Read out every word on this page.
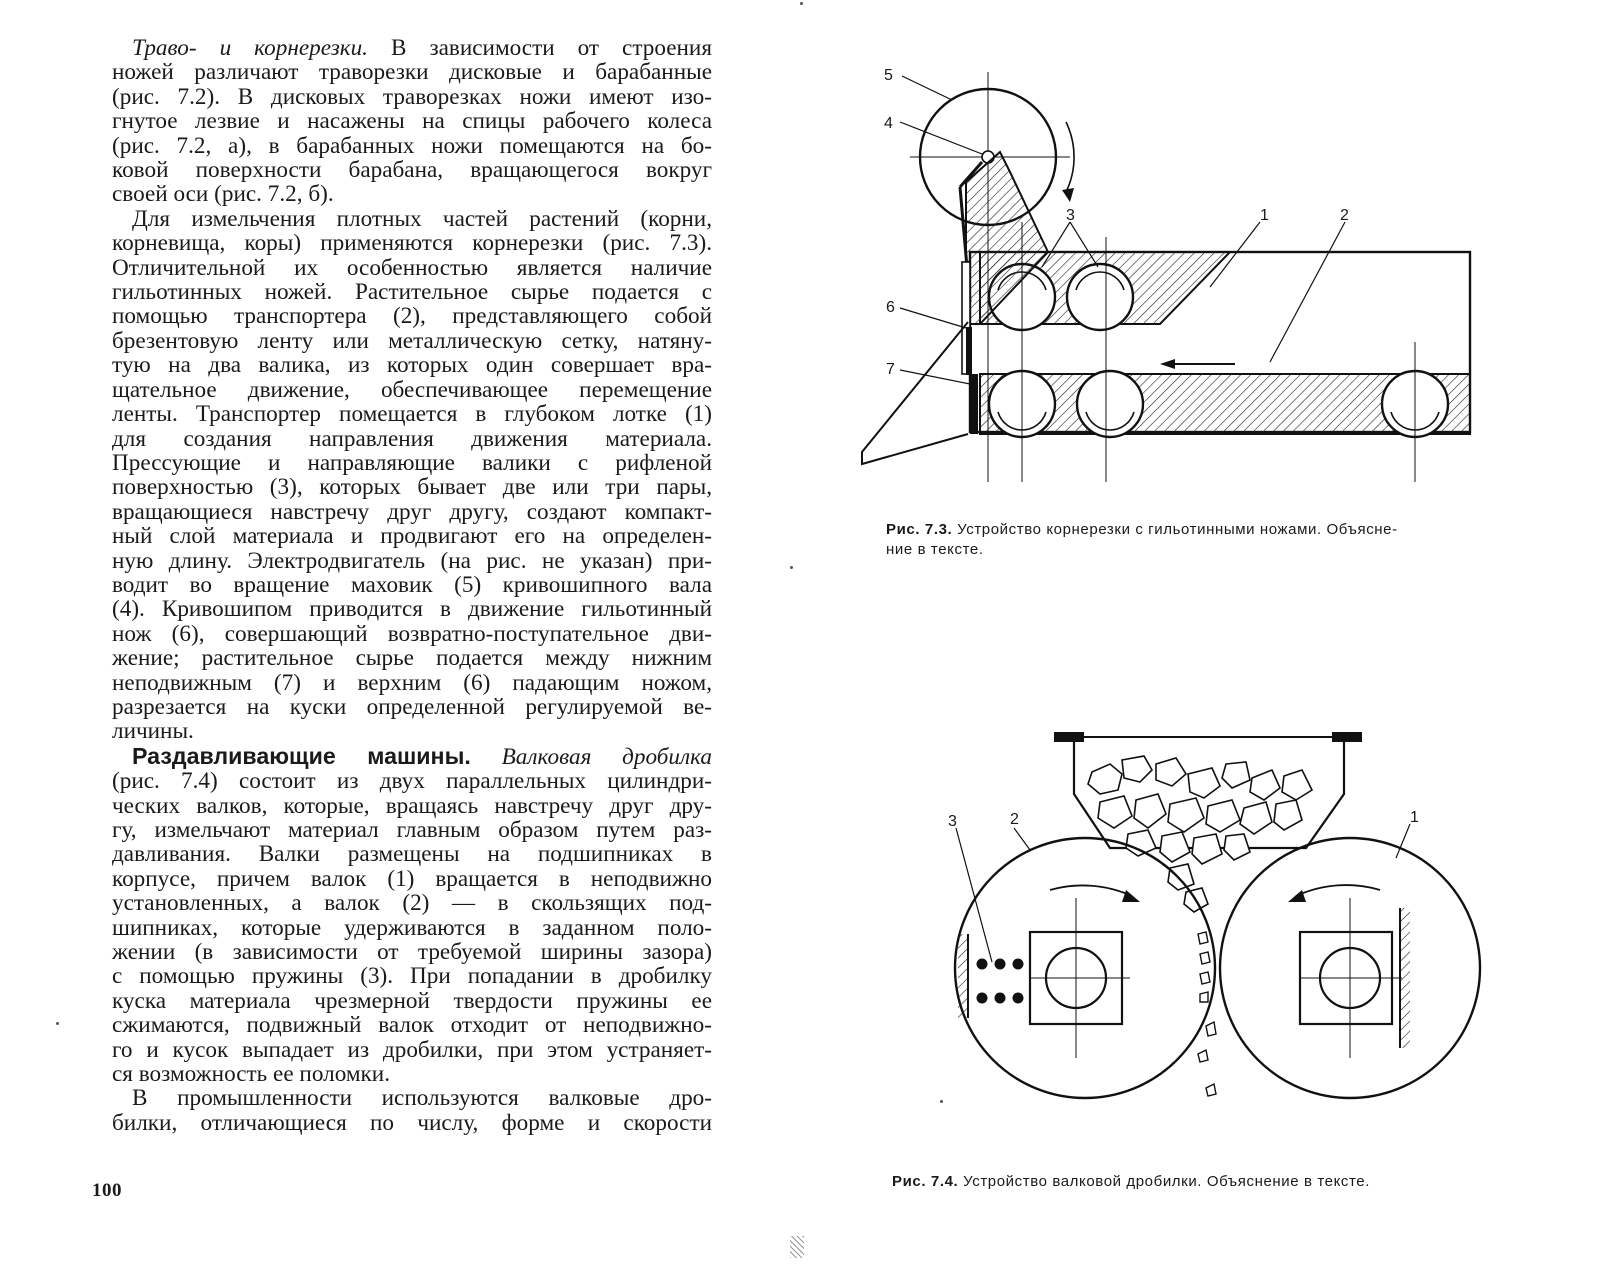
Траво- и корнерезки. В зависимости от строения
ножей различают траворезки дисковые и барабанные
(рис. 7.2). В дисковых траворезках ножи имеют изо-
гнутое лезвие и насажены на спицы рабочего колеса
(рис. 7.2, а), в барабанных ножи помещаются на бо-
ковой поверхности барабана, вращающегося вокруг
своей оси (рис. 7.2, б).

Для измельчения плотных частей растений (корни,
корневища, коры) применяются корнерезки (рис. 7.3).
Отличительной их особенностью является наличие
гильотинных ножей. Растительное сырье подается с
помощью транспортера (2), представляющего собой
брезентовую ленту или металлическую сетку, натяну-
тую на два валика, из которых один совершает вра-
щательное движение, обеспечивающее перемещение
ленты. Транспортер помещается в глубоком лотке (1)
для создания направления движения материала.
Прессующие и направляющие валики с рифленой
поверхностью (3), которых бывает две или три пары,
вращающиеся навстречу друг другу, создают компакт-
ный слой материала и продвигают его на определен-
ную длину. Электродвигатель (на рис. не указан) при-
водит во вращение маховик (5) кривошипного вала
(4). Кривошипом приводится в движение гильотинный
нож (6), совершающий возвратно-поступательное дви-
жение; растительное сырье подается между нижним
неподвижным (7) и верхним (6) падающим ножом,
разрезается на куски определенной регулируемой ве-
личины.

Раздавливающие машины. Валковая дробилка
(рис. 7.4) состоит из двух параллельных цилиндри-
ческих валков, которые, вращаясь навстречу друг дру-
гу, измельчают материал главным образом путем раз-
давливания. Валки размещены на подшипниках в
корпусе, причем валок (1) вращается в неподвижно
установленных, а валок (2) — в скользящих под-
шипниках, которые удерживаются в заданном поло-
жении (в зависимости от требуемой ширины зазора)
с помощью пружины (3). При попадании в дробилку
куска материала чрезмерной твердости пружины ее
сжимаются, подвижный валок отходит от неподвижно-
го и кусок выпадает из дробилки, при этом устраняет-
ся возможность ее поломки.

В промышленности используются валковые дро-
билки, отличающиеся по числу, форме и скорости

100
5
4
3	1	2
6
7
Рис. 7.3. Устройство корнерезки с гильотинными ножами. Объясне-
ние в тексте.
3	2	1
Рис. 7.4. Устройство валковой дробилки. Объяснение в тексте.
